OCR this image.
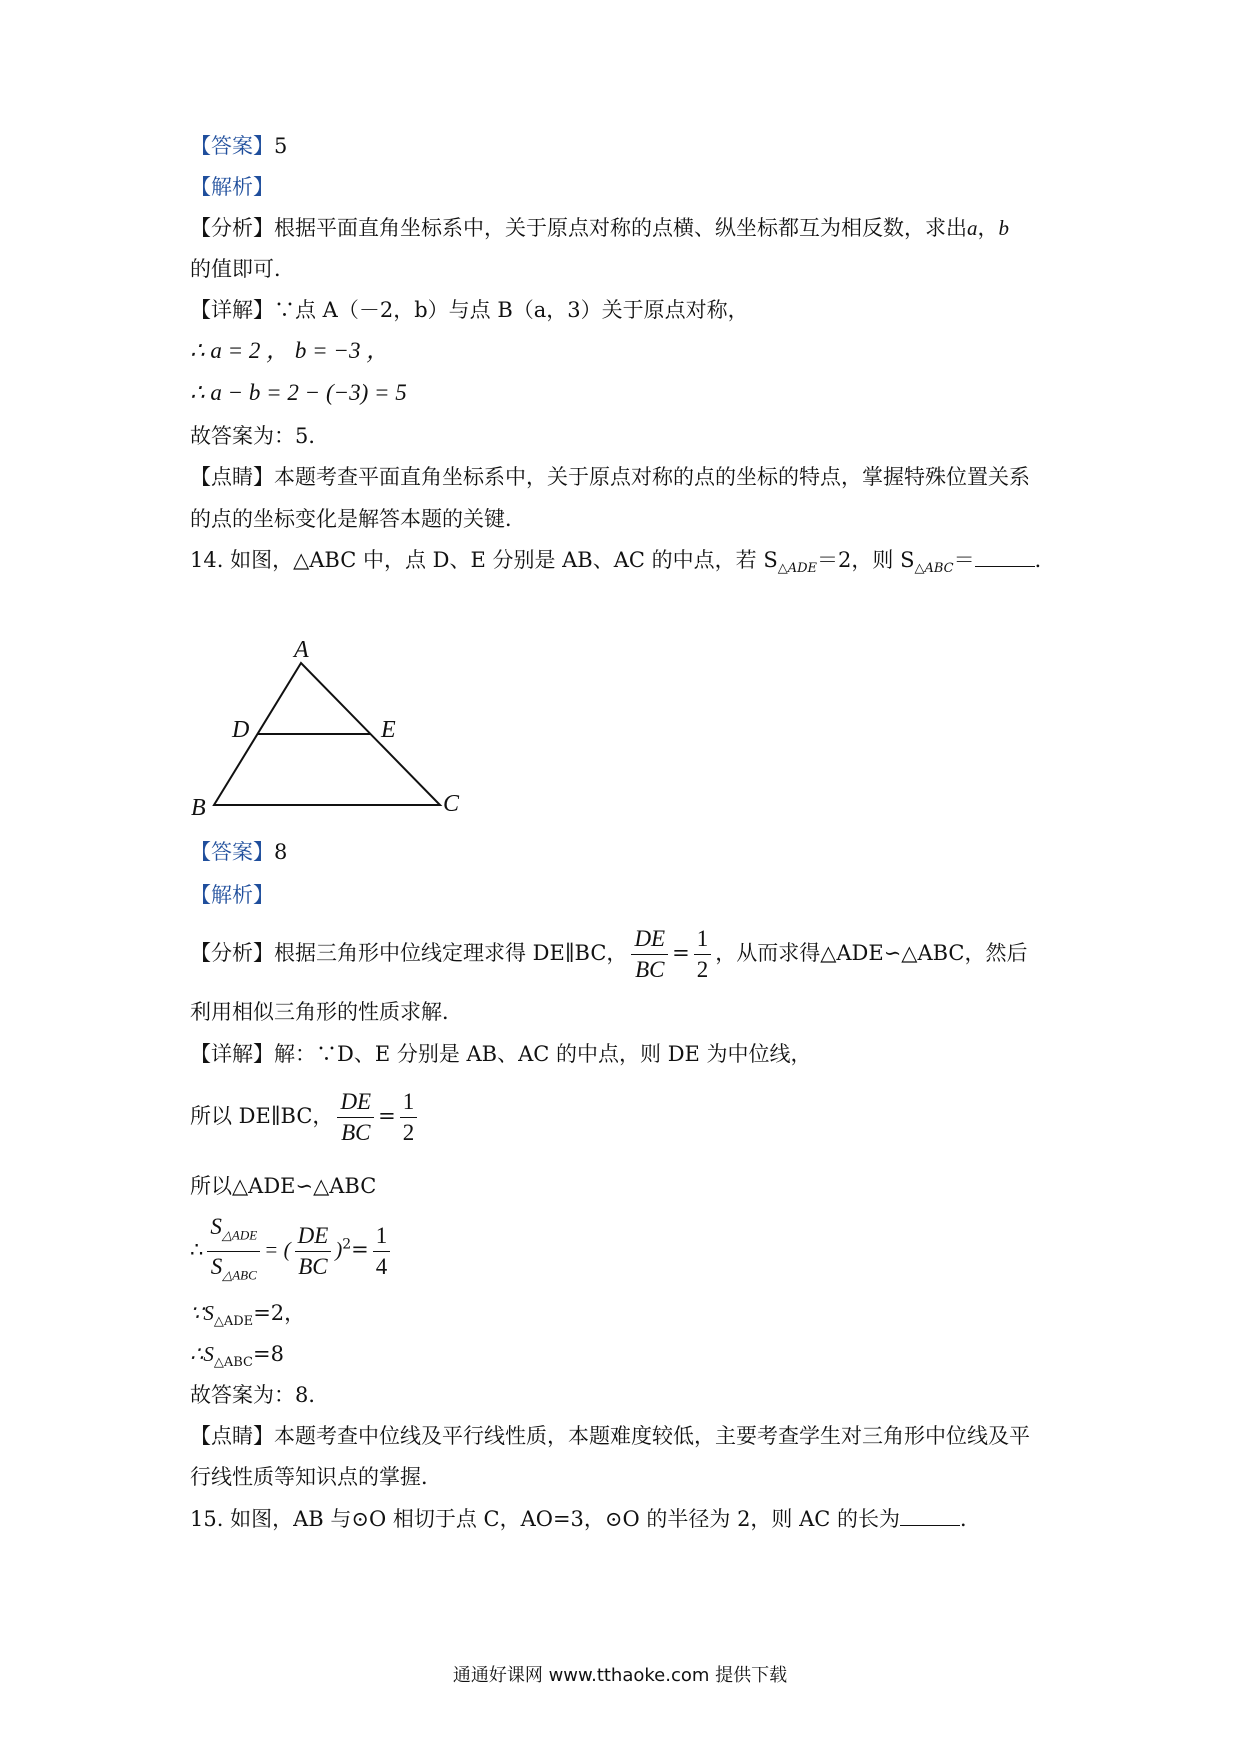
【答案】5
【解析】
【分析】根据平面直角坐标系中，关于原点对称的点横、纵坐标都互为相反数，求出a，b
的值即可．
【详解】∵点 A（－2，b）与点 B（a，3）关于原点对称，
∴ a = 2 ， b = −3 ，
∴ a − b = 2 − (−3) = 5
故答案为：5．
【点睛】本题考查平面直角坐标系中，关于原点对称的点的坐标的特点，掌握特殊位置关系
的点的坐标变化是解答本题的关键．
14. 如图，△ABC 中，点 D、E 分别是 AB、AC 的中点，若 $S_{\triangle ADE}=2$，则 $S_{\triangle ABC}=$	．
A
D	E
B	C
【答案】8
【解析】
【分析】根据三角形中位线定理求得 DE∥BC， $\frac{DE}{BC} = \frac{1}{2}$ ，从而求得△ADE∽△ABC，然后
利用相似三角形的性质求解．
【详解】解：∵D、E 分别是 AB、AC 的中点，则 DE 为中位线，
所以 DE∥BC， $\frac{DE}{BC} = \frac{1}{2}$
所以△ADE∽△ABC
∴ $\frac{S_{\triangle ADE}}{S_{\triangle ABC}}$ = ( $\frac{DE}{BC} )^2= \frac{1}{4}$
$\because S_{\triangle ADE}=2$，
$\therefore S_{\triangle ABC}=8$
故答案为：8．
【点睛】本题考查中位线及平行线性质，本题难度较低，主要考查学生对三角形中位线及平
行线性质等知识点的掌握．
15. 如图，AB 与⊙O 相切于点 C，AO=3，⊙O 的半径为 2，则 AC 的长为	．
通通好课网 www.tthaoke.com 提供下载
